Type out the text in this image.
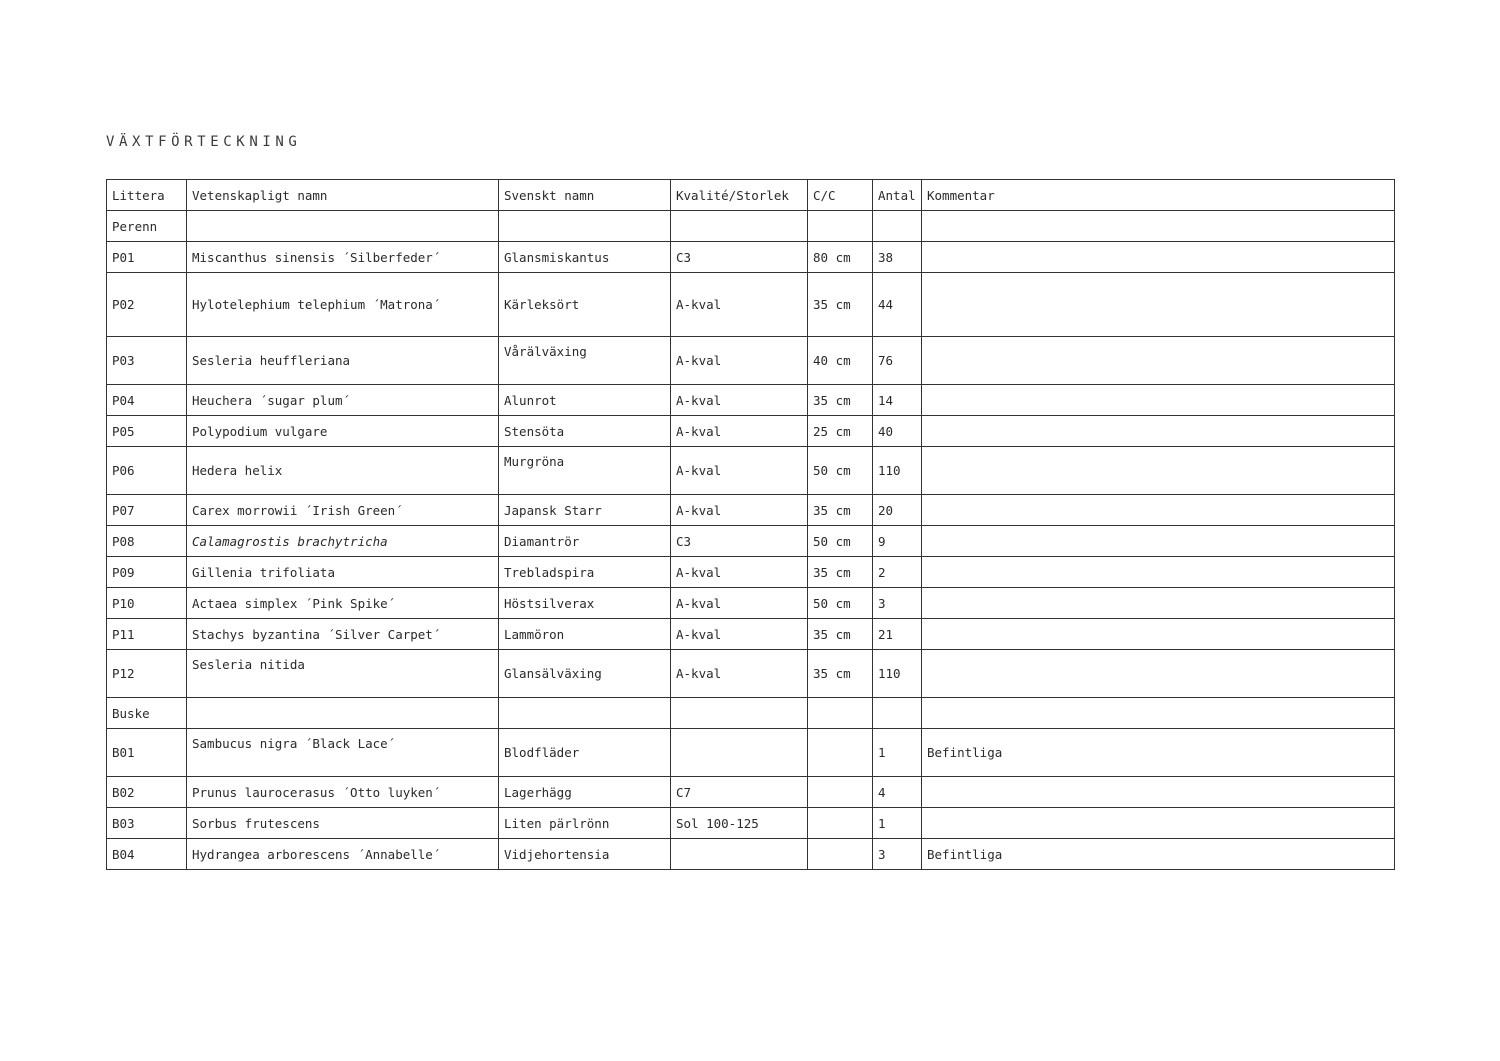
VÄXTFÖRTECKNING
Littera	Vetenskapligt namn	Svenskt namn	Kvalité/Storlek	C/C	Antal	Kommentar
Perenn						
P01	Miscanthus sinensis ´Silberfeder´	Glansmiskantus	C3	80 cm	38	
P02	Hylotelephium telephium ´Matrona´	Kärleksört	A-kval	35 cm	44	
P03	Sesleria heufflerianа	Vårälväxing	A-kval	40 cm	76	
P04	Heuchera ´sugar plum´	Alunrot	A-kval	35 cm	14	
P05	Polypodium vulgare	Stensöta	A-kval	25 cm	40	
P06	Hedera helix	Murgröna	A-kval	50 cm	110	
P07	Carex morrowii ´Irish Green´	Japansk Starr	A-kval	35 cm	20	
P08	Calamagrostis brachytricha	Diamantrör	C3	50 cm	9	
P09	Gillenia trifoliata	Trebladspira	A-kval	35 cm	2	
P10	Actaea simplex ´Pink Spike´	Höstsilverax	A-kval	50 cm	3	
P11	Stachys byzantina ´Silver Carpet´	Lammöron	A-kval	35 cm	21	
P12	Sesleria nitida	Glansälväxing	A-kval	35 cm	110	
Buske						
B01	Sambucus nigra ´Black Lace´	Blodfläder			1	Befintliga
B02	Prunus laurocerasus ´Otto luyken´	Lagerhägg	C7		4	
B03	Sorbus frutescens	Liten pärlrönn	Sol 100-125		1	
B04	Hydrangea arborescens ´Annabelle´	Vidjehortensia			3	Befintliga
